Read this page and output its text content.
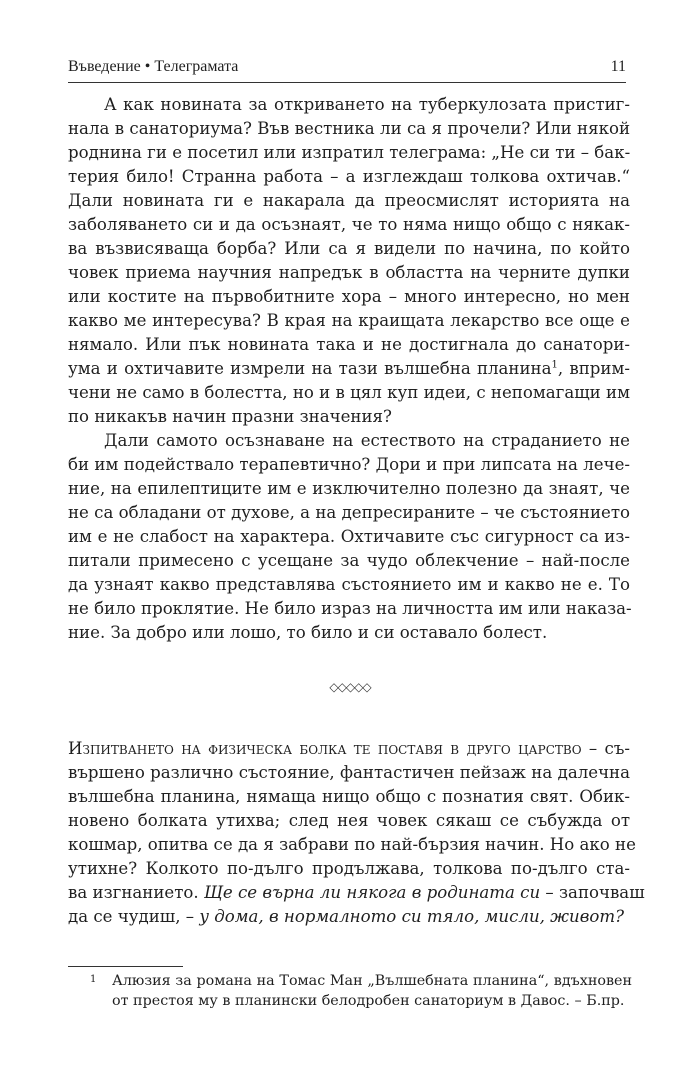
Въведение • Телеграмата	11
А как новината за откриването на туберкулозата пристиг-
нала в санаториума? Във вестника ли са я прочели? Или някой
роднина ги е посетил или изпратил телеграма: „Не си ти – бак-
терия било! Странна работа – а изглеждаш толкова охтичав.“
Дали новината ги е накарала да преосмислят историята на
заболяването си и да осъзнаят, че то няма нищо общо с някак-
ва възвисяваща борба? Или са я видели по начина, по който
човек приема научния напредък в областта на черните дупки
или костите на първобитните хора – много интересно, но мен
какво ме интересува? В края на краищата лекарство все още е
нямало. Или пък новината така и не достигнала до санатори-
ума и охтичавите измрели на тази вълшебна планина$^1$, вприм-
чени не само в болестта, но и в цял куп идеи, с непомагащи им
по никакъв начин празни значения?
Дали самото осъзнаване на естеството на страданието не
би им подействало терапевтично? Дори и при липсата на лече-
ние, на епилептиците им е изключително полезно да знаят, че
не са обладани от духове, а на депресираните – че състоянието
им е не слабост на характера. Охтичавите със сигурност са из-
питали примесено с усещане за чудо облекчение – най-после
да узнаят какво представлява състоянието им и какво не е. То
не било проклятие. Не било израз на личността им или наказа-
ние. За добро или лошо, то било и си оставало болест.
◇◇◇◇◇
Изпитването на физическа болка те поставя в друго царство – съ-
вършено различно състояние, фантастичен пейзаж на далечна
вълшебна планина, нямаща нищо общо с познатия свят. Обик-
новено болката утихва; след нея човек сякаш се събужда от
кошмар, опитва се да я забрави по най-бързия начин. Но ако не
утихне? Колкото по-дълго продължава, толкова по-дълго ста-
ва изгнанието. Ще се върна ли някога в родината си – започваш
да се чудиш, – у дома, в нормалното си тяло, мисли, живот?
1 Алюзия за романа на Томас Ман „Вълшебната планина“, вдъхновен
от престоя му в планински белодробен санаториум в Давос. – Б.пр.
